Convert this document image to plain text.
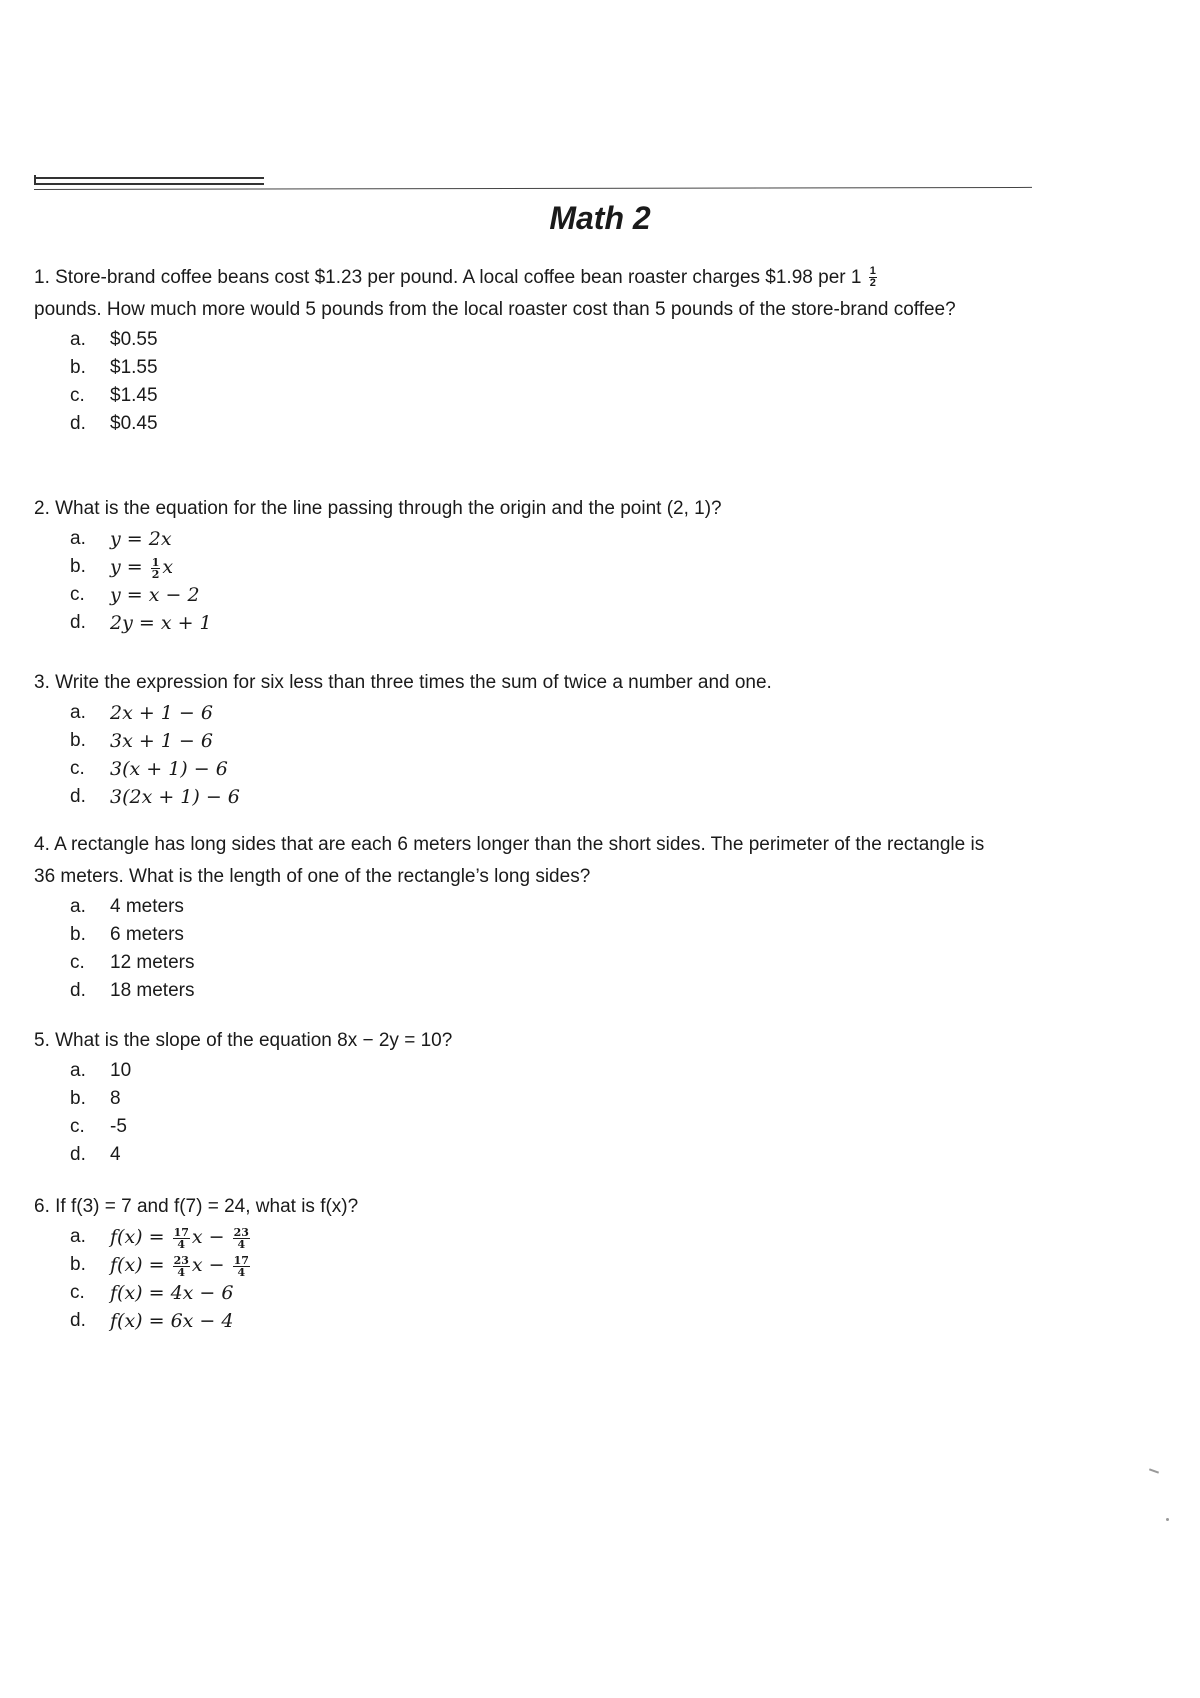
Math 2

1. Store-brand coffee beans cost $1.23 per pound. A local coffee bean roaster charges $1.98 per $1 \frac{1}{2}$

pounds. How much more would 5 pounds from the local roaster cost than 5 pounds of the store-brand coffee?

a.	$0.55
b.	$1.55
c.	$1.45
d.	$0.45

2. What is the equation for the line passing through the origin and the point (2, 1)?

a.	y = 2x
b.	$y = \frac{1}{2}$ x
c.	y = x − 2
d.	2y = x + 1

3. Write the expression for six less than three times the sum of twice a number and one.

a.	2x + 1 − 6
b.	3x + 1 − 6
c.	3(x + 1) − 6
d.	3(2x + 1) − 6

4. A rectangle has long sides that are each 6 meters longer than the short sides. The perimeter of the rectangle is 36 meters. What is the length of one of the rectangle’s long sides?

a.	4 meters
b.	6 meters
c.	12 meters
d.	18 meters

5. What is the slope of the equation 8x − 2y = 10?

a.	10
b.	8
c.	-5
d.	4

6. If f(3) = 7 and f(7) = 24, what is f(x)?

a.	$f(x) = \frac{17}{4}$ $x - \frac{23}{4}$
b.	$f(x) = \frac{23}{4}$ $x - \frac{17}{4}$
c.	f(x) = 4x − 6
d.	f(x) = 6x − 4
